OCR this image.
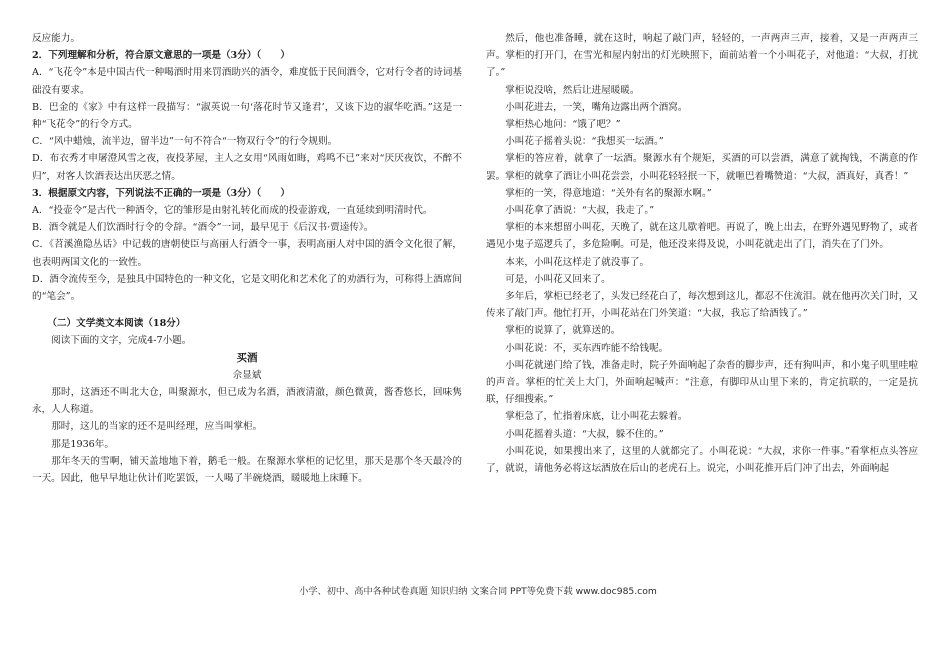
反应能力。

2．下列理解和分析，符合原文意思的一项是（3分）（　　）

A．“飞花令”本是中国古代一种喝酒时用来罚酒助兴的酒令，难度低于民间酒令，它对行令者的诗词基础没有要求。

B．巴金的《家》中有这样一段描写：“淑英说一句‘落花时节又逢君’，又该下边的淑华吃酒。”这是一种“飞花令”的行令方式。

C．“风中蜡烛，流半边，留半边”一句不符合“一物双行令”的行令规则。

D．布衣秀才申屠澄风雪之夜，夜投茅屋，主人之女用“风雨如晦，鸡鸣不已”来对“厌厌夜饮，不醉不归”，对客人饮酒表达出厌恶之情。

3．根据原文内容，下列说法不正确的一项是（3分）（　　）

A．“投壶令”是古代一种酒令，它的雏形是由射礼转化而成的投壶游戏，一直延续到明清时代。

B．酒令就是人们饮酒时行令的令辞。“酒令”一词，最早见于《后汉书·贾逵传》。

C．《苕溪渔隐丛话》中记载的唐朝使臣与高丽人行酒令一事，表明高丽人对中国的酒令文化很了解，也表明两国文化的一致性。

D．酒令流传至今，是独具中国特色的一种文化，它是文明化和艺术化了的劝酒行为，可称得上酒席间的“笔会”。

（二）文学类文本阅读（18分）

阅读下面的文字，完成4-7小题。

买酒

佘显斌

那时，这酒还不叫北大仓，叫聚源水，但已成为名酒，酒液清澈，颜色微黄，酱香悠长，回味隽永，人人称道。

那时，这儿的当家的还不是叫经理，应当叫掌柜。

那是1936年。

那年冬天的雪啊，铺天盖地地下着，鹅毛一般。在聚源水掌柜的记忆里，那天是那个冬天最冷的一天。因此，他早早地让伙计们吃罢饭，一人喝了半碗烧酒，暖暖地上床睡下。

然后，他也准备睡，就在这时，响起了敲门声，轻轻的，一声两声三声，接着，又是一声两声三声。掌柜的打开门，在雪光和屋内射出的灯光映照下，面前站着一个小叫花子，对他道：“大叔，打扰了。”

掌柜说没啥，然后让进屋暖暖。

小叫花进去，一笑，嘴角边露出两个酒窝。

掌柜热心地问：“饿了吧？”

小叫花子摇着头说：“我想买一坛酒。”

掌柜的答应着，就拿了一坛酒。聚源水有个规矩，买酒的可以尝酒，满意了就掏钱，不满意的作罢。掌柜的就拿了酒让小叫花尝尝，小叫花轻轻抿一下，就咂巴着嘴赞道：“大叔，酒真好，真香！”

掌柜的一笑，得意地道：“关外有名的聚源水啊。”

小叫花拿了酒说：“大叔，我走了。”

掌柜的本来想留小叫花，天晚了，就在这儿歇着吧。再说了，晚上出去，在野外遇见野物了，或者遇见小鬼子巡逻兵了，多危险啊。可是，他还没来得及说，小叫花就走出了门，消失在了门外。

本来，小叫花这样走了就没事了。

可是，小叫花又回来了。

多年后，掌柜已经老了，头发已经花白了，每次想到这儿，都忍不住流泪。就在他再次关门时，又传来了敲门声。他忙打开，小叫花站在门外笑道：“大叔，我忘了给酒钱了。”

掌柜的说算了，就算送的。

小叫花说：不，买东西咋能不给钱呢。

小叫花就递门给了钱，准备走时，院子外面响起了杂沓的脚步声，还有狗叫声，和小鬼子叽里哇啦的声音。掌柜的忙关上大门，外面响起喊声：“注意，有脚印从山里下来的，肯定抗联的，一定是抗联，仔细搜索。”

掌柜急了，忙指着床底，让小叫花去躲着。

小叫花摇着头道：“大叔，躲不住的。”

小叫花说，如果搜出来了，这里的人就都完了。小叫花说：“大叔，求你一件事。”看掌柜点头答应了，就说，请他务必将这坛酒放在后山的老虎石上。说完，小叫花推开后门冲了出去，外面响起

小学、初中、高中各种试卷真题 知识归纳 文案合同 PPT等免费下载 www.doc985.com
